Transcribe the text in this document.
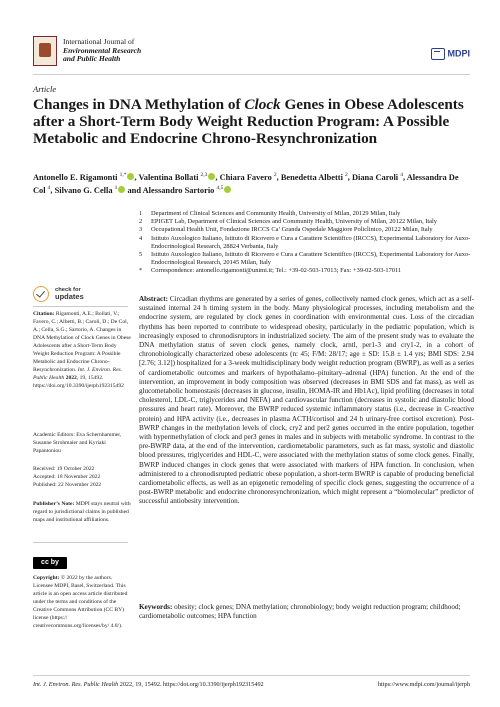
International Journal of
Environmental Research
and Public Health
MDPI
Article
Changes in DNA Methylation of Clock Genes in Obese Adolescents after a Short-Term Body Weight Reduction Program: A Possible Metabolic and Endocrine Chrono-Resynchronization
Antonello E. Rigamonti $^{1,*}$ , Valentina Bollati $^{2,3}$ , Chiara Favero $^2$, Benedetta Albetti $^2$, Diana Caroli $^4$, Alessandra De Col $^4$, Silvano G. Cella $^1$ and Alessandro Sartorio $^{4,5}$
1 Department of Clinical Sciences and Community Health, University of Milan, 20129 Milan, Italy
2 EPIGET Lab, Department of Clinical Sciences and Community Health, University of Milan, 20122 Milan, Italy
3 Occupational Health Unit, Fondazione IRCCS Ca’ Granda Ospedale Maggiore Policlinico, 20122 Milan, Italy
4 Istituto Auxologico Italiano, Istituto di Ricovero e Cura a Carattere Scientifico (IRCCS), Experimental Laboratory for Auxo-Endocrinological Research, 28824 Verbania, Italy
5 Istituto Auxologico Italiano, Istituto di Ricovero e Cura a Carattere Scientifico (IRCCS), Experimental Laboratory for Auxo-Endocrinological Research, 20145 Milan, Italy
* Correspondence: antonello.rigamonti@unimi.it; Tel.: +39-02-503-17013; Fax: +39-02-503-17011
check for
updates
Citation: Rigamonti, A.E.; Bollati, V.; Favero, C.; Albetti, B.; Caroli, D.; De Col, A.; Cella, S.G.; Sartorio, A. Changes in DNA Methylation of Clock Genes in Obese Adolescents after a Short-Term Body Weight Reduction Program: A Possible Metabolic and Endocrine Chrono-Resynchronization. Int. J. Environ. Res. Public Health 2022, 19, 15492. https://doi.org/10.3390/ijerph192315492
Academic Editors: Eva Schernhammer, Susanne Strohmaier and Kyriaki Papantoniou
Received: 19 October 2022
Accepted: 18 November 2022
Published: 22 November 2022
Publisher’s Note: MDPI stays neutral with regard to jurisdictional claims in published maps and institutional affiliations.
cc by
Copyright: © 2022 by the authors. Licensee MDPI, Basel, Switzerland. This article is an open access article distributed under the terms and conditions of the Creative Commons Attribution (CC BY) license (https:// creativecommons.org/licenses/by/ 4.0/).
Abstract: Circadian rhythms are generated by a series of genes, collectively named clock genes, which act as a self-sustained internal 24 h timing system in the body. Many physiological processes, including metabolism and the endocrine system, are regulated by clock genes in coordination with environmental cues. Loss of the circadian rhythms has been reported to contribute to widespread obesity, particularly in the pediatric population, which is increasingly exposed to chronodisruptors in industrialized society. The aim of the present study was to evaluate the DNA methylation status of seven clock genes, namely clock, arntl, per1-3 and cry1-2, in a cohort of chronobiologically characterized obese adolescents (n: 45; F/M: 28/17; age ± SD: 15.8 ± 1.4 yrs; BMI SDS: 2.94 [2.76; 3.12]) hospitalized for a 3-week multidisciplinary body weight reduction program (BWRP), as well as a series of cardiometabolic outcomes and markers of hypothalamo–pituitary–adrenal (HPA) function. At the end of the intervention, an improvement in body composition was observed (decreases in BMI SDS and fat mass), as well as glucometabolic homeostasis (decreases in glucose, insulin, HOMA-IR and Hb1Ac), lipid profiling (decreases in total cholesterol, LDL-C, triglycerides and NEFA) and cardiovascular function (decreases in systolic and diastolic blood pressures and heart rate). Moreover, the BWRP reduced systemic inflammatory status (i.e., decrease in C-reactive protein) and HPA activity (i.e., decreases in plasma ACTH/cortisol and 24 h urinary-free cortisol excretion). Post-BWRP changes in the methylation levels of clock, cry2 and per2 genes occurred in the entire population, together with hypermethylation of clock and per3 genes in males and in subjects with metabolic syndrome. In contrast to the pre-BWRP data, at the end of the intervention, cardiometabolic parameters, such as fat mass, systolic and diastolic blood pressures, triglycerides and HDL-C, were associated with the methylation status of some clock genes. Finally, BWRP induced changes in clock genes that were associated with markers of HPA function. In conclusion, when administered to a chronodisrupted pediatric obese population, a short-term BWRP is capable of producing beneficial cardiometabolic effects, as well as an epigenetic remodeling of specific clock genes, suggesting the occurrence of a post-BWRP metabolic and endocrine chronoresynchronization, which might represent a “biomolecular” predictor of successful antiobesity intervention.
Keywords: obesity; clock genes; DNA methylation; chronobiology; body weight reduction program; childhood; cardiometabolic outcomes; HPA function
Int. J. Environ. Res. Public Health 2022, 19, 15492. https://doi.org/10.3390/ijerph192315492	https://www.mdpi.com/journal/ijerph
